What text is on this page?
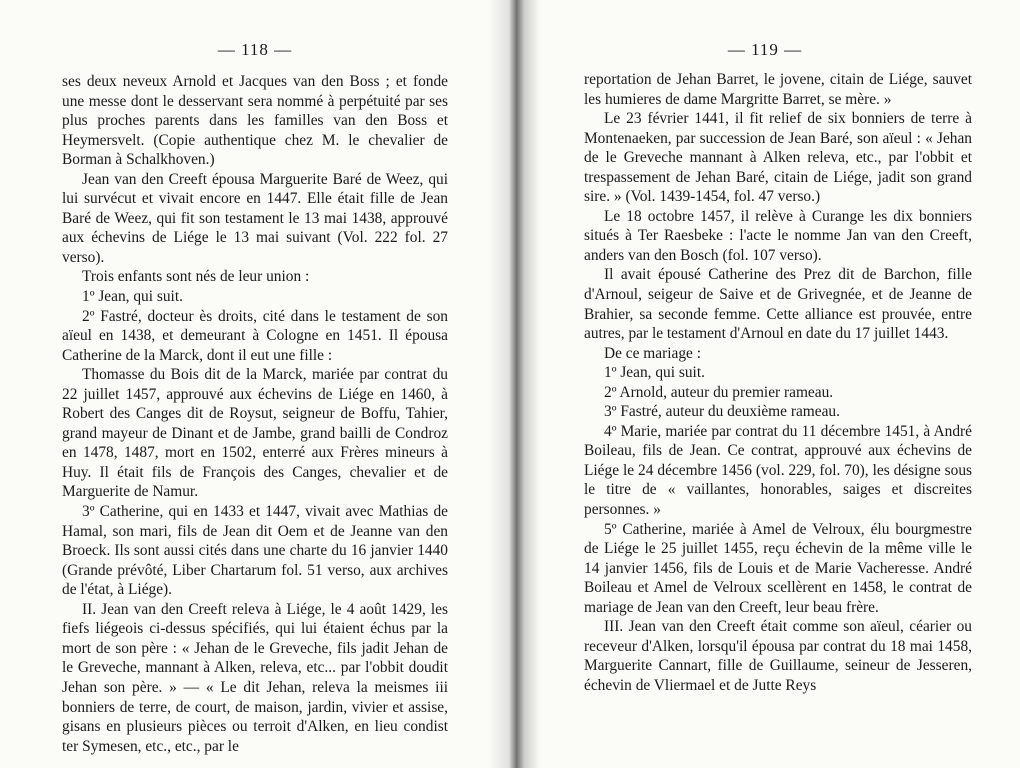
— 118 —

ses deux neveux Arnold et Jacques van den Boss ; et fonde une messe dont le desservant sera nommé à perpétuité par ses plus proches parents dans les familles van den Boss et Heymersvelt. (Copie authentique chez M. le chevalier de Borman à Schalkhoven.)

Jean van den Creeft épousa Marguerite Baré de Weez, qui lui survécut et vivait encore en 1447. Elle était fille de Jean Baré de Weez, qui fit son testament le 13 mai 1438, approuvé aux échevins de Liége le 13 mai suivant (Vol. 222 fol. 27 verso).

Trois enfants sont nés de leur union :

1º Jean, qui suit.

2º Fastré, docteur ès droits, cité dans le testament de son aïeul en 1438, et demeurant à Cologne en 1451. Il épousa Catherine de la Marck, dont il eut une fille :

Thomasse du Bois dit de la Marck, mariée par contrat du 22 juillet 1457, approuvé aux échevins de Liége en 1460, à Robert des Canges dit de Roysut, seigneur de Boffu, Tahier, grand mayeur de Dinant et de Jambe, grand bailli de Condroz en 1478, 1487, mort en 1502, enterré aux Frères mineurs à Huy. Il était fils de François des Canges, chevalier et de Marguerite de Namur.

3º Catherine, qui en 1433 et 1447, vivait avec Mathias de Hamal, son mari, fils de Jean dit Oem et de Jeanne van den Broeck. Ils sont aussi cités dans une charte du 16 janvier 1440 (Grande prévôté, Liber Chartarum fol. 51 verso, aux archives de l'état, à Liége).

II. Jean van den Creeft releva à Liége, le 4 août 1429, les fiefs liégeois ci-dessus spécifiés, qui lui étaient échus par la mort de son père : « Jehan de le Greveche, fils jadit Jehan de le Greveche, mannant à Alken, releva, etc... par l'obbit doudit Jehan son père. » — « Le dit Jehan, releva la meismes iii bonniers de terre, de court, de maison, jardin, vivier et assise, gisans en plusieurs pièces ou terroit d'Alken, en lieu condist ter Symesen, etc., etc., par le

— 119 —

reportation de Jehan Barret, le jovene, citain de Liége, sauvet les humieres de dame Margritte Barret, se mère. »

Le 23 février 1441, il fit relief de six bonniers de terre à Montenaeken, par succession de Jean Baré, son aïeul : « Jehan de le Greveche mannant à Alken releva, etc., par l'obbit et trespassement de Jehan Baré, citain de Liége, jadit son grand sire. » (Vol. 1439-1454, fol. 47 verso.)

Le 18 octobre 1457, il relève à Curange les dix bonniers situés à Ter Raesbeke : l'acte le nomme Jan van den Creeft, anders van den Bosch (fol. 107 verso).

Il avait épousé Catherine des Prez dit de Barchon, fille d'Arnoul, seigeur de Saive et de Grivegnée, et de Jeanne de Brahier, sa seconde femme. Cette alliance est prouvée, entre autres, par le testament d'Arnoul en date du 17 juillet 1443.

De ce mariage :

1º Jean, qui suit.

2º Arnold, auteur du premier rameau.

3º Fastré, auteur du deuxième rameau.

4º Marie, mariée par contrat du 11 décembre 1451, à André Boileau, fils de Jean. Ce contrat, approuvé aux échevins de Liége le 24 décembre 1456 (vol. 229, fol. 70), les désigne sous le titre de « vaillantes, honorables, saiges et discreites personnes. »

5º Catherine, mariée à Amel de Velroux, élu bourgmestre de Liége le 25 juillet 1455, reçu échevin de la même ville le 14 janvier 1456, fils de Louis et de Marie Vacheresse. André Boileau et Amel de Velroux scellèrent en 1458, le contrat de mariage de Jean van den Creeft, leur beau frère.

III. Jean van den Creeft était comme son aïeul, céarier ou receveur d'Alken, lorsqu'il épousa par contrat du 18 mai 1458, Marguerite Cannart, fille de Guillaume, seineur de Jesseren, échevin de Vliermael et de Jutte Reys
